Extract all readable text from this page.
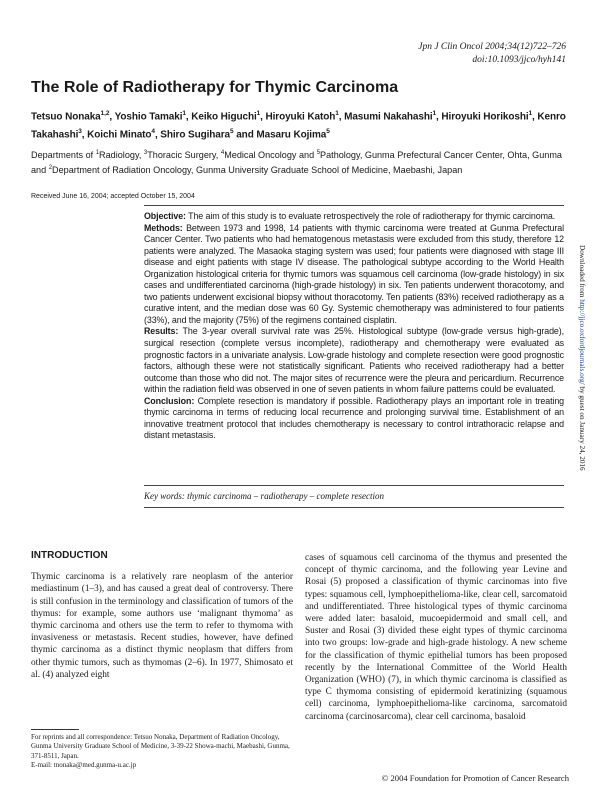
Jpn J Clin Oncol 2004;34(12)722–726
doi:10.1093/jjco/hyh141
The Role of Radiotherapy for Thymic Carcinoma
Tetsuo Nonaka$^{1,2}$, Yoshio Tamaki$^1$, Keiko Higuchi$^1$, Hiroyuki Katoh$^1$, Masumi Nakahashi$^1$, Hiroyuki Horikoshi$^1$, Kenro Takahashi$^3$, Koichi Minato$^4$, Shiro Sugihara$^5$ and Masaru Kojima$^5$
Departments of $^1$Radiology, $^3$Thoracic Surgery, $^4$Medical Oncology and $^5$Pathology, Gunma Prefectural Cancer Center, Ohta, Gunma and $^2$Department of Radiation Oncology, Gunma University Graduate School of Medicine, Maebashi, Japan
Received June 16, 2004; accepted October 15, 2004

Objective: The aim of this study is to evaluate retrospectively the role of radiotherapy for thymic carcinoma.

Methods: Between 1973 and 1998, 14 patients with thymic carcinoma were treated at Gunma Prefectural Cancer Center. Two patients who had hematogenous metastasis were excluded from this study, therefore 12 patients were analyzed. The Masaoka staging system was used; four patients were diagnosed with stage III disease and eight patients with stage IV disease. The pathological subtype according to the World Health Organization histological criteria for thymic tumors was squamous cell carcinoma (low-grade histology) in six cases and undifferentiated carcinoma (high-grade histology) in six. Ten patients underwent thoracotomy, and two patients underwent excisional biopsy without thoracotomy. Ten patients (83%) received radiotherapy as a curative intent, and the median dose was 60 Gy. Systemic chemotherapy was administered to four patients (33%), and the majority (75%) of the regimens contained cisplatin.

Results: The 3-year overall survival rate was 25%. Histological subtype (low-grade versus high-grade), surgical resection (complete versus incomplete), radiotherapy and chemotherapy were evaluated as prognostic factors in a univariate analysis. Low-grade histology and complete resection were good prognostic factors, although these were not statistically significant. Patients who received radiotherapy had a better outcome than those who did not. The major sites of recurrence were the pleura and pericardium. Recurrence within the radiation field was observed in one of seven patients in whom failure patterns could be evaluated.

Conclusion: Complete resection is mandatory if possible. Radiotherapy plays an important role in treating thymic carcinoma in terms of reducing local recurrence and prolonging survival time. Establishment of an innovative treatment protocol that includes chemotherapy is necessary to control intrathoracic relapse and distant metastasis.

Key words: thymic carcinoma – radiotherapy – complete resection
Downloaded from http://jjco.oxfordjournals.org/ by guest on January 24, 2016
INTRODUCTION

Thymic carcinoma is a relatively rare neoplasm of the anterior mediastinum (1–3), and has caused a great deal of controversy. There is still confusion in the terminology and classification of tumors of the thymus: for example, some authors use ‘malignant thymoma’ as thymic carcinoma and others use the term to refer to thymoma with invasiveness or metastasis. Recent studies, however, have defined thymic carcinoma as a distinct thymic neoplasm that differs from other thymic tumors, such as thymomas (2–6). In 1977, Shimosato et al. (4) analyzed eight

cases of squamous cell carcinoma of the thymus and presented the concept of thymic carcinoma, and the following year Levine and Rosai (5) proposed a classification of thymic carcinomas into five types: squamous cell, lymphoepithelioma-like, clear cell, sarcomatoid and undifferentiated. Three histological types of thymic carcinoma were added later: basaloid, mucoepidermoid and small cell, and Suster and Rosai (3) divided these eight types of thymic carcinoma into two groups: low-grade and high-grade histology. A new scheme for the classification of thymic epithelial tumors has been proposed recently by the International Committee of the World Health Organization (WHO) (7), in which thymic carcinoma is classified as type C thymoma consisting of epidermoid keratinizing (squamous cell) carcinoma, lymphoepithelioma-like carcinoma, sarcomatoid carcinoma (carcinosarcoma), clear cell carcinoma, basaloid

For reprints and all correspondence: Tetsuo Nonaka, Department of Radiation Oncology, Gunma University Graduate School of Medicine, 3-39-22 Showa-machi, Maebashi, Gunma, 371-8511, Japan.

E-mail: tnonaka@med.gunma-u.ac.jp

© 2004 Foundation for Promotion of Cancer Research
